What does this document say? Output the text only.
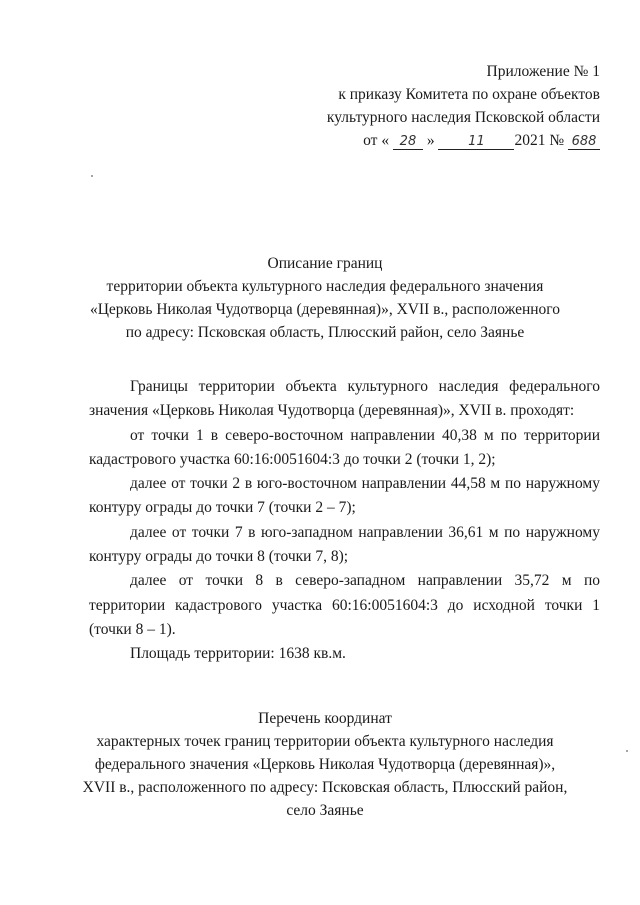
Приложение № 1
к приказу Комитета по охране объектов
культурного наследия Псковской области
от « 28 »	11 2021 № 688
Описание границ
территории объекта культурного наследия федерального значения
«Церковь Николая Чудотворца (деревянная)», XVII в., расположенного
по адресу: Псковская область, Плюсский район, село Заянье

Границы территории объекта культурного наследия федерального значения «Церковь Николая Чудотворца (деревянная)», XVII в. проходят:

от точки 1 в северо-восточном направлении 40,38 м по территории кадастрового участка 60:16:0051604:3 до точки 2 (точки 1, 2);

далее от точки 2 в юго-восточном направлении 44,58 м по наружному контуру ограды до точки 7 (точки 2 – 7);

далее от точки 7 в юго-западном направлении 36,61 м по наружному контуру ограды до точки 8 (точки 7, 8);

далее от точки 8 в северо-западном направлении 35,72 м по территории кадастрового участка 60:16:0051604:3 до исходной точки 1 (точки 8 – 1).

Площадь территории: 1638 кв.м.

Перечень координат
характерных точек границ территории объекта культурного наследия
федерального значения «Церковь Николая Чудотворца (деревянная)»,
XVII в., расположенного по адресу: Псковская область, Плюсский район,
село Заянье
